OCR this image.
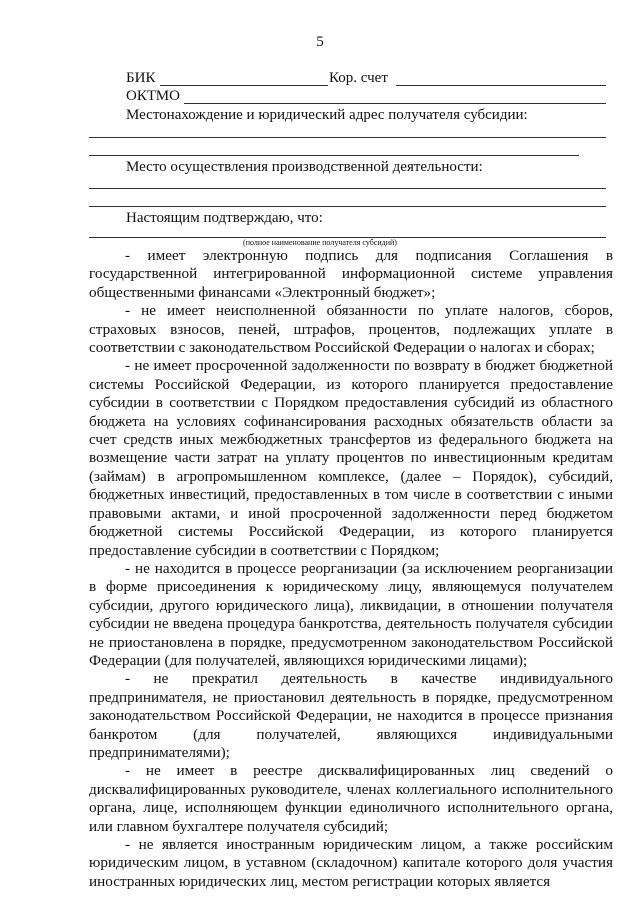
5
БИК	Кор. счет
ОКТМО
Местонахождение и юридический адрес получателя субсидии:
Место осуществления производственной деятельности:
Настоящим подтверждаю, что:
(полное наименование получателя субсидий)

- имеет электронную подпись для подписания Соглашения в государственной интегрированной информационной системе управления общественными финансами «Электронный бюджет»;

- не имеет неисполненной обязанности по уплате налогов, сборов, страховых взносов, пеней, штрафов, процентов, подлежащих уплате в соответствии с законодательством Российской Федерации о налогах и сборах;

- не имеет просроченной задолженности по возврату в бюджет бюджетной системы Российской Федерации, из которого планируется предоставление субсидии в соответствии с Порядком предоставления субсидий из областного бюджета на условиях софинансирования расходных обязательств области за счет средств иных межбюджетных трансфертов из федерального бюджета на возмещение части затрат на уплату процентов по инвестиционным кредитам (займам) в агропромышленном комплексе, (далее – Порядок), субсидий, бюджетных инвестиций, предоставленных в том числе в соответствии с иными правовыми актами, и иной просроченной задолженности перед бюджетом бюджетной системы Российской Федерации, из которого планируется предоставление субсидии в соответствии с Порядком;

- не находится в процессе реорганизации (за исключением реорганизации в форме присоединения к юридическому лицу, являющемуся получателем субсидии, другого юридического лица), ликвидации, в отношении получателя субсидии не введена процедура банкротства, деятельность получателя субсидии не приостановлена в порядке, предусмотренном законодательством Российской Федерации (для получателей, являющихся юридическими лицами);

- не прекратил деятельность в качестве индивидуального предпринимателя, не приостановил деятельность в порядке, предусмотренном законодательством Российской Федерации, не находится в процессе признания банкротом (для получателей, являющихся индивидуальными предпринимателями);

- не имеет в реестре дисквалифицированных лиц сведений о дисквалифицированных руководителе, членах коллегиального исполнительного органа, лице, исполняющем функции единоличного исполнительного органа, или главном бухгалтере получателя субсидий;

- не является иностранным юридическим лицом, а также российским юридическим лицом, в уставном (складочном) капитале которого доля участия иностранных юридических лиц, местом регистрации которых является
